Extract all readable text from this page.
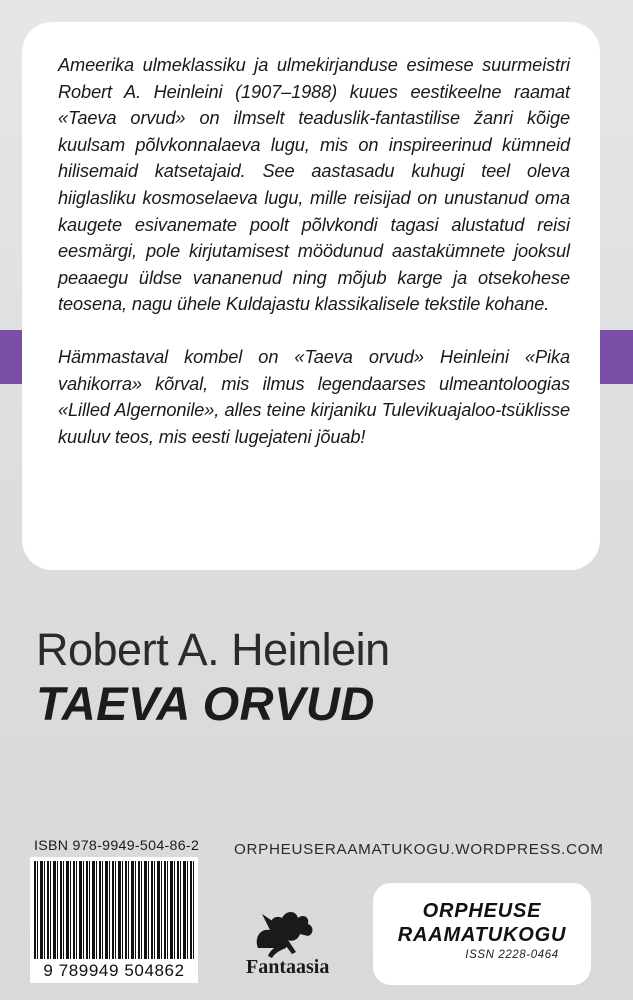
Ameerika ulmeklassiku ja ulmekirjanduse esimese suurmeistri Robert A. Heinleini (1907–1988) kuues eestikeelne raamat «Taeva orvud» on ilmselt teaduslik-fantastilise žanri kõige kuulsam põlvkonnalaeva lugu, mis on inspireerinud kümneid hilisemaid katsetajaid. See aastasadu kuhugi teel oleva hiiglasliku kosmoselaeva lugu, mille reisijad on unustanud oma kaugete esivanemate poolt põlvkondi tagasi alustatud reisi eesmärgi, pole kirjutamisest möödunud aastakümnete jooksul peaaegu üldse vananenud ning mõjub karge ja otsekohese teosena, nagu ühele Kuldajastu klassikalisele tekstile kohane.

Hämmastaval kombel on «Taeva orvud» Heinleini «Pika vahikorra» kõrval, mis ilmus legendaarses ulmeantoloogias «Lilled Algernonile», alles teine kirjaniku Tulevikuajaloo-tsüklisse kuuluv teos, mis eesti lugejateni jõuab!

Robert A. Heinlein
TAEVA ORVUD
ISBN 978-9949-504-86-2 ORPHEUSERAAMATUKOGU.WORDPRESS.COM
9 789949 504862	Fantaasia
ORPHEUSE
RAAMATUKOGU
ISSN 2228-0464
